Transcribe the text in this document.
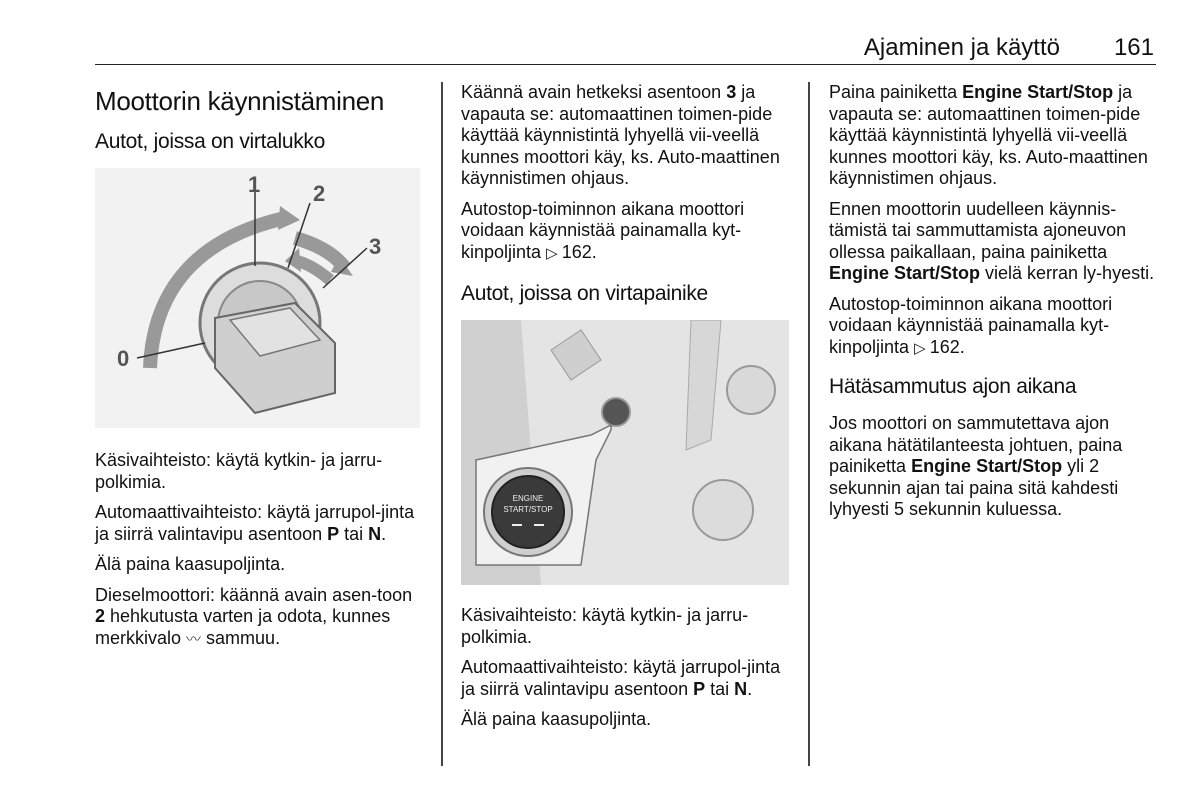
Ajaminen ja käyttö 161
Moottorin käynnistäminen
Autot, joissa on virtalukko
0
1 2
3

Käsivaihteisto: käytä kytkin- ja jarru-polkimia.

Automaattivaihteisto: käytä jarrupol-jinta ja siirrä valintavipu asentoon P tai N.

Älä paina kaasupoljinta.

Dieselmoottori: käännä avain asen-toon 2 hehkutusta varten ja odota, kunnes merkkivalo 〰 sammuu.

Käännä avain hetkeksi asentoon 3 ja vapauta se: automaattinen toimen-pide käyttää käynnistintä lyhyellä vii-veellä kunnes moottori käy, ks. Auto-maattinen käynnistimen ohjaus.

Autostop-toiminnon aikana moottori voidaan käynnistää painamalla kyt-kinpoljinta ▷ 162.

Autot, joissa on virtapainike
ENGINE
START/STOP

Käsivaihteisto: käytä kytkin- ja jarru-polkimia.

Automaattivaihteisto: käytä jarrupol-jinta ja siirrä valintavipu asentoon P tai N.

Älä paina kaasupoljinta.

Paina painiketta Engine Start/Stop ja vapauta se: automaattinen toimen-pide käyttää käynnistintä lyhyellä vii-veellä kunnes moottori käy, ks. Auto-maattinen käynnistimen ohjaus.

Ennen moottorin uudelleen käynnis-tämistä tai sammuttamista ajoneuvon ollessa paikallaan, paina painiketta Engine Start/Stop vielä kerran ly-hyesti.

Autostop-toiminnon aikana moottori voidaan käynnistää painamalla kyt-kinpoljinta ▷ 162.

Hätäsammutus ajon aikana

Jos moottori on sammutettava ajon aikana hätätilanteesta johtuen, paina painiketta Engine Start/Stop yli 2 sekunnin ajan tai paina sitä kahdesti lyhyesti 5 sekunnin kuluessa.
